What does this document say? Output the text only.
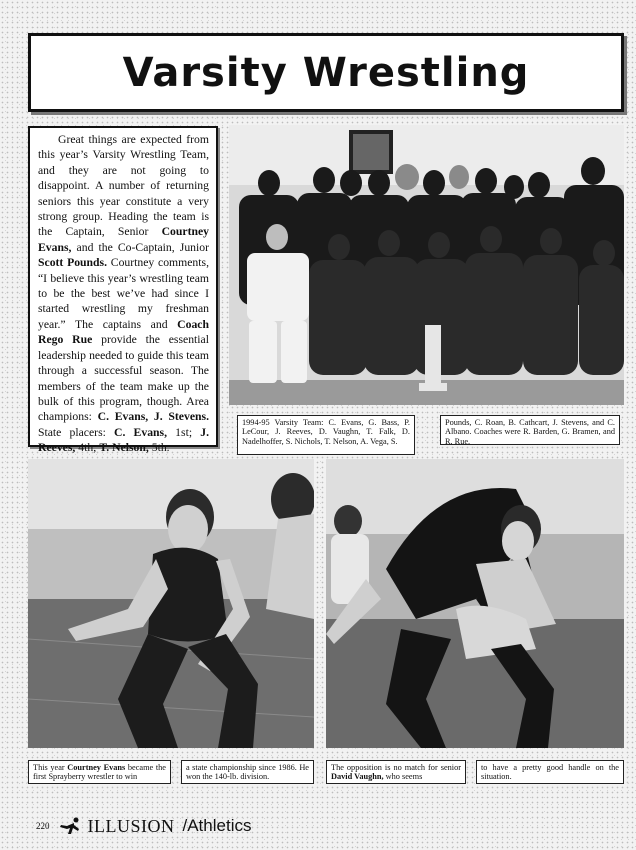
Varsity Wrestling

Great things are expected from this year’s Varsity Wrestling Team, and they are not going to disappoint. A number of returning seniors this year constitute a very strong group. Heading the team is the Captain, Senior Courtney Evans, and the Co-Captain, Junior Scott Pounds. Courtney comments, “I believe this year’s wrestling team to be the best we’ve had since I started wrestling my freshman year.” The captains and Coach Rego Rue provide the essential leadership needed to guide this team through a successful season. The members of the team make up the bulk of this program, though. Area champions: C. Evans, J. Stevens. State placers: C. Evans, 1st; J. Reeves, 4th; T. Nelson, 5th.

1994-95 Varsity Team: C. Evans, G. Bass, P. LeCour, J. Reeves, D. Vaughn, T. Falk, D. Nadelhoffer, S. Nichols, T. Nelson, A. Vega, S.
Pounds, C. Roan, B. Cathcart, J. Stevens, and C. Albano. Coaches were R. Barden, G. Bramen, and R. Rue.
This year Courtney Evans became the first Sprayberry wrestler to win
a state championship since 1986. He won the 140-lb. division.
The opposition is no match for senior David Vaughn, who seems
to have a pretty good handle on the situation.
220 ILLUSION /Athletics
